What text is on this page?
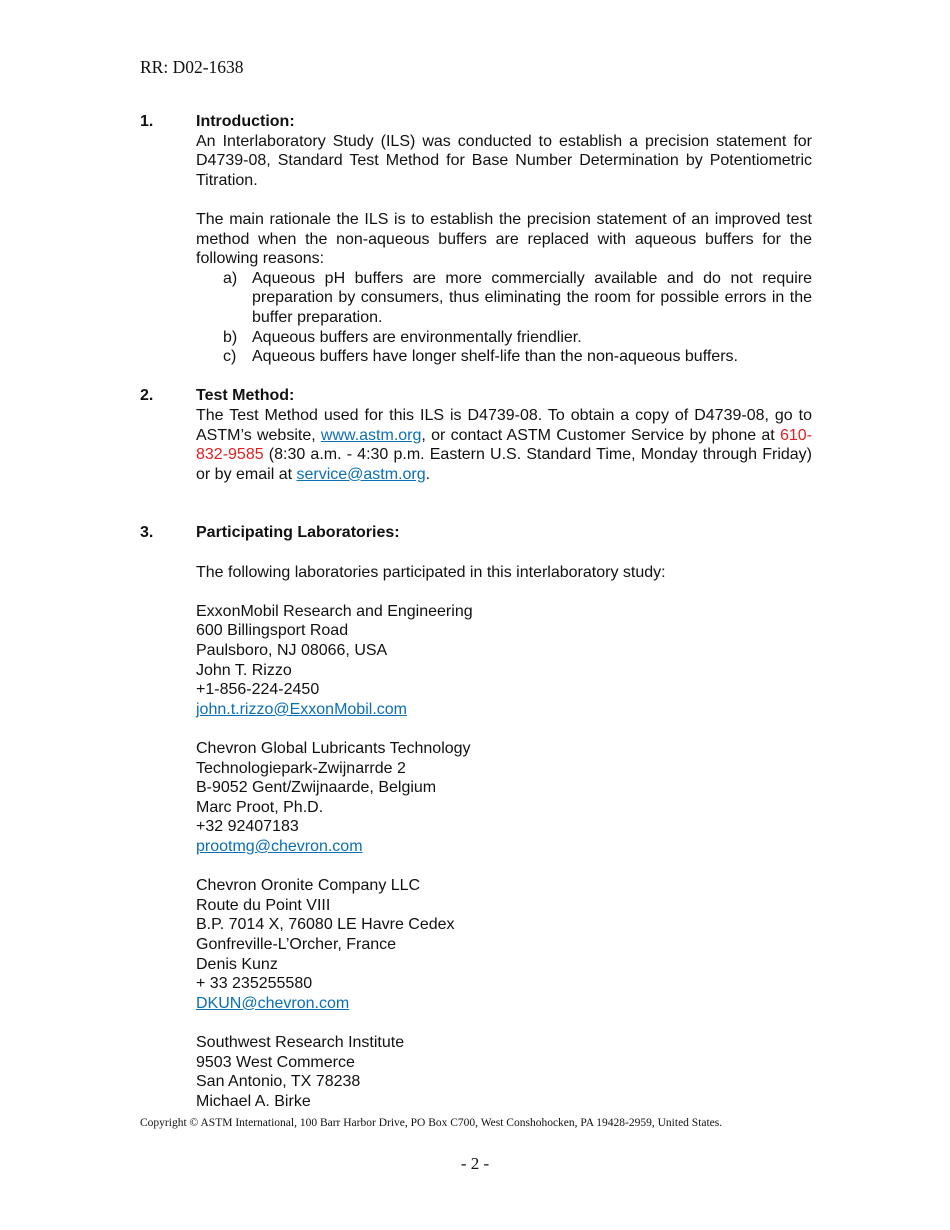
RR: D02-1638
1.	Introduction:

An Interlaboratory Study (ILS) was conducted to establish a precision statement for D4739-08, Standard Test Method for Base Number Determination by Potentiometric Titration.

The main rationale the ILS is to establish the precision statement of an improved test method when the non-aqueous buffers are replaced with aqueous buffers for the following reasons:

a) Aqueous pH buffers are more commercially available and do not require preparation by consumers, thus eliminating the room for possible errors in the buffer preparation.
b) Aqueous buffers are environmentally friendlier.
c) Aqueous buffers have longer shelf-life than the non-aqueous buffers.
2.	Test Method:

The Test Method used for this ILS is D4739-08. To obtain a copy of D4739-08, go to ASTM’s website, www.astm.org, or contact ASTM Customer Service by phone at 610-832-9585 (8:30 a.m. - 4:30 p.m. Eastern U.S. Standard Time, Monday through Friday) or by email at service@astm.org.

3.	Participating Laboratories:

The following laboratories participated in this interlaboratory study:

ExxonMobil Research and Engineering

600 Billingsport Road

Paulsboro, NJ 08066, USA

John T. Rizzo

+1-856-224-2450

john.t.rizzo@ExxonMobil.com

Chevron Global Lubricants Technology

Technologiepark-Zwijnarrde 2

B-9052 Gent/Zwijnaarde, Belgium

Marc Proot, Ph.D.

+32 92407183

prootmg@chevron.com

Chevron Oronite Company LLC

Route du Point VIII

B.P. 7014 X, 76080 LE Havre Cedex

Gonfreville-L’Orcher, France

Denis Kunz

+ 33 235255580

DKUN@chevron.com

Southwest Research Institute

9503 West Commerce

San Antonio, TX 78238

Michael A. Birke

Copyright © ASTM International, 100 Barr Harbor Drive, PO Box C700, West Conshohocken, PA 19428-2959, United States.
- 2 -
